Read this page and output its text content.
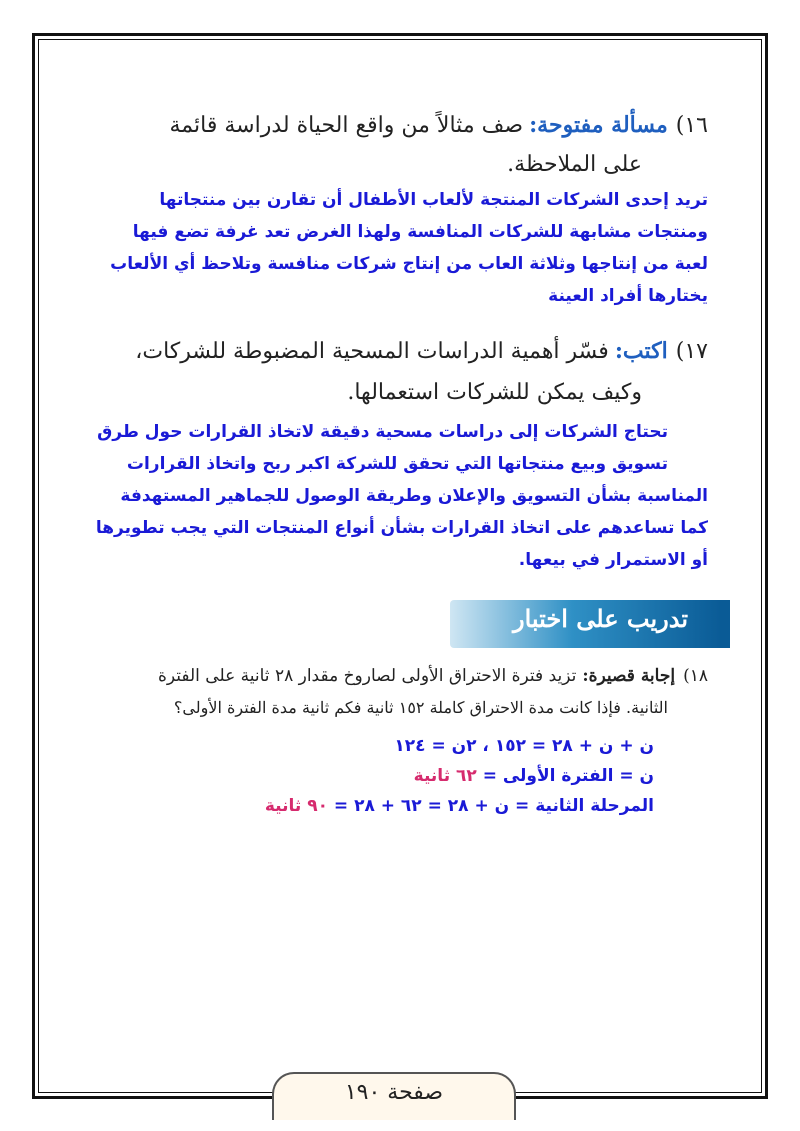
١٦)مسألة مفتوحة:صف مثالاً من واقع الحياة لدراسة قائمة
على الملاحظة.
تريد إحدى الشركات المنتجة لألعاب الأطفال أن تقارن بين منتجاتها
ومنتجات مشابهة للشركات المنافسة ولهذا الغرض تعد غرفة تضع فيها
لعبة من إنتاجها وثلاثة العاب من إنتاج شركات منافسة وتلاحظ أي الألعاب
يختارها أفراد العينة
١٧)اكتب:فسّر أهمية الدراسات المسحية المضبوطة للشركات،
وكيف يمكن للشركات استعمالها.
تحتاج الشركات إلى دراسات مسحية دقيقة لاتخاذ القرارات حول طرق
تسويق وبيع منتجاتها التي تحقق للشركة اكبر ربح واتخاذ القرارات
المناسبة بشأن التسويق والإعلان وطريقة الوصول للجماهير المستهدفة
كما تساعدهم على اتخاذ القرارات بشأن أنواع المنتجات التي يجب تطويرها
أو الاستمرار في بيعها.
تدريب على اختبار
١٨)إجابة قصيرة:تزيد فترة الاحتراق الأولى لصاروخ مقدار ٢٨ ثانية على الفترة
الثانية. فإذا كانت مدة الاحتراق كاملة ١٥٢ ثانية فكم ثانية مدة الفترة الأولى؟
ن + ن + ٢٨ = ١٥٢ ، ٢ن = ١٢٤
ن = الفترة الأولى = ٦٢ ثانية
المرحلة الثانية = ن + ٢٨ = ٦٢ + ٢٨ = ٩٠ ثانية
صفحة ١٩٠
